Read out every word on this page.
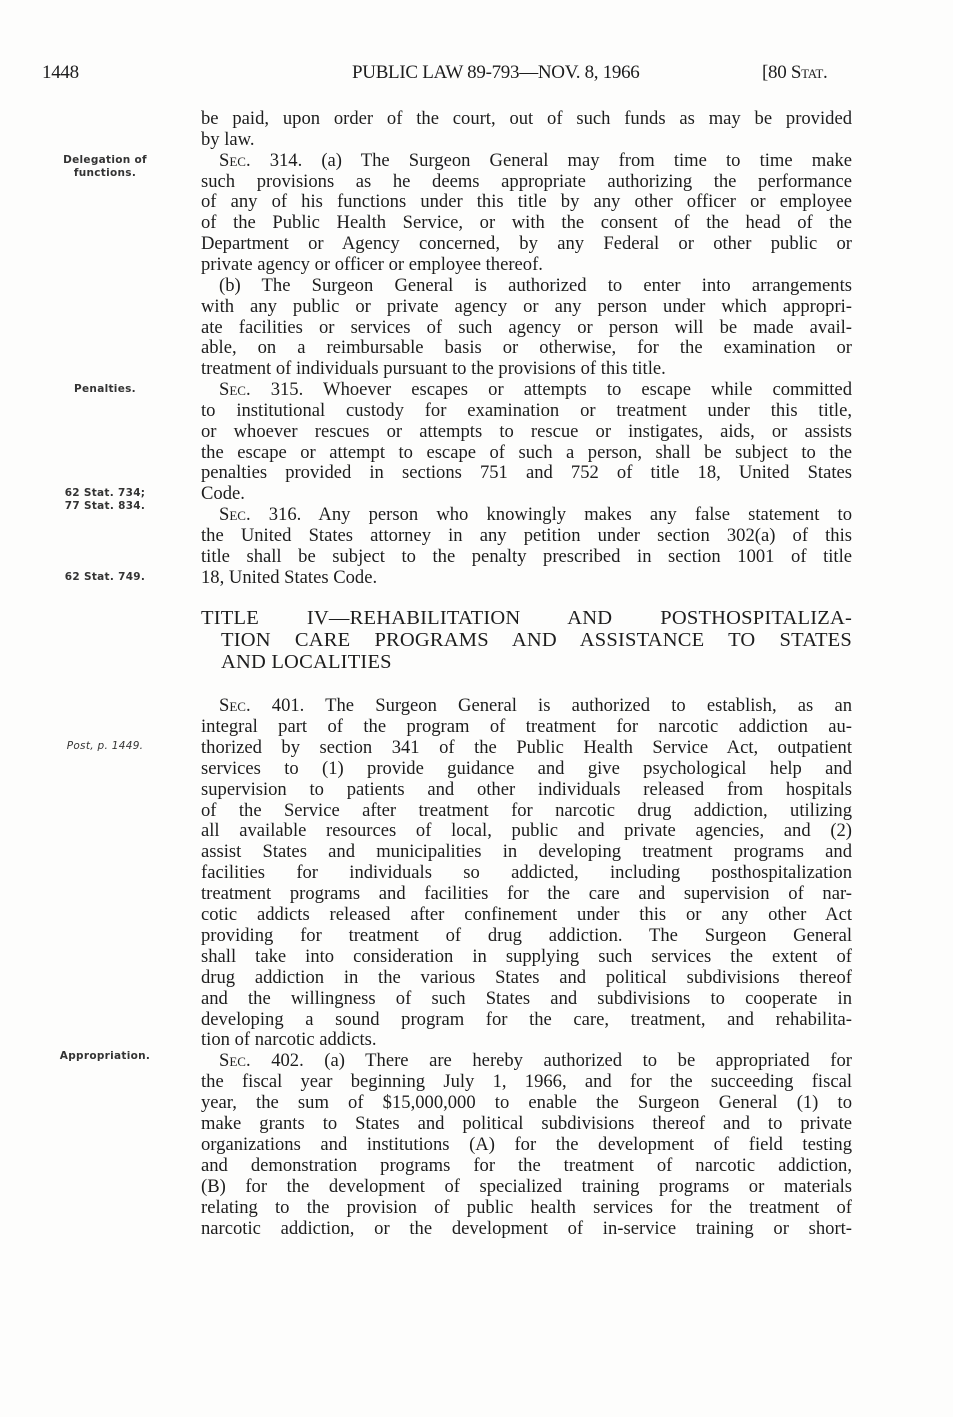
1448	PUBLIC LAW 89-793—NOV. 8, 1966	[80 Stat.
be paid, upon order of the court, out of such funds as may be provided
by law.
Sec. 314. (a) The Surgeon General may from time to time make
such provisions as he deems appropriate authorizing the performance
of any of his functions under this title by any other officer or employee
of the Public Health Service, or with the consent of the head of the
Department or Agency concerned, by any Federal or other public or
private agency or officer or employee thereof.
(b) The Surgeon General is authorized to enter into arrangements
with any public or private agency or any person under which appropri-
ate facilities or services of such agency or person will be made avail-
able, on a reimbursable basis or otherwise, for the examination or
treatment of individuals pursuant to the provisions of this title.
Sec. 315. Whoever escapes or attempts to escape while committed
to institutional custody for examination or treatment under this title,
or whoever rescues or attempts to rescue or instigates, aids, or assists
the escape or attempt to escape of such a person, shall be subject to the
penalties provided in sections 751 and 752 of title 18, United States
Code.
Sec. 316. Any person who knowingly makes any false statement to
the United States attorney in any petition under section 302(a) of this
title shall be subject to the penalty prescribed in section 1001 of title
18, United States Code.
TITLE IV—REHABILITATION AND POSTHOSPITALIZA-
TION CARE PROGRAMS AND ASSISTANCE TO STATES
AND LOCALITIES
Sec. 401. The Surgeon General is authorized to establish, as an
integral part of the program of treatment for narcotic addiction au-
thorized by section 341 of the Public Health Service Act, outpatient
services to (1) provide guidance and give psychological help and
supervision to patients and other individuals released from hospitals
of the Service after treatment for narcotic drug addiction, utilizing
all available resources of local, public and private agencies, and (2)
assist States and municipalities in developing treatment programs and
facilities for individuals so addicted, including posthospitalization
treatment programs and facilities for the care and supervision of nar-
cotic addicts released after confinement under this or any other Act
providing for treatment of drug addiction. The Surgeon General
shall take into consideration in supplying such services the extent of
drug addiction in the various States and political subdivisions thereof
and the willingness of such States and subdivisions to cooperate in
developing a sound program for the care, treatment, and rehabilita-
tion of narcotic addicts.
Sec. 402. (a) There are hereby authorized to be appropriated for
the fiscal year beginning July 1, 1966, and for the succeeding fiscal
year, the sum of $15,000,000 to enable the Surgeon General (1) to
make grants to States and political subdivisions thereof and to private
organizations and institutions (A) for the development of field testing
and demonstration programs for the treatment of narcotic addiction,
(B) for the development of specialized training programs or materials
relating to the provision of public health services for the treatment of
narcotic addiction, or the development of in-service training or short-
Delegation of
functions.
Penalties.
62 Stat. 734;
77 Stat. 834.
62 Stat. 749.
Post, p. 1449.
Appropriation.
